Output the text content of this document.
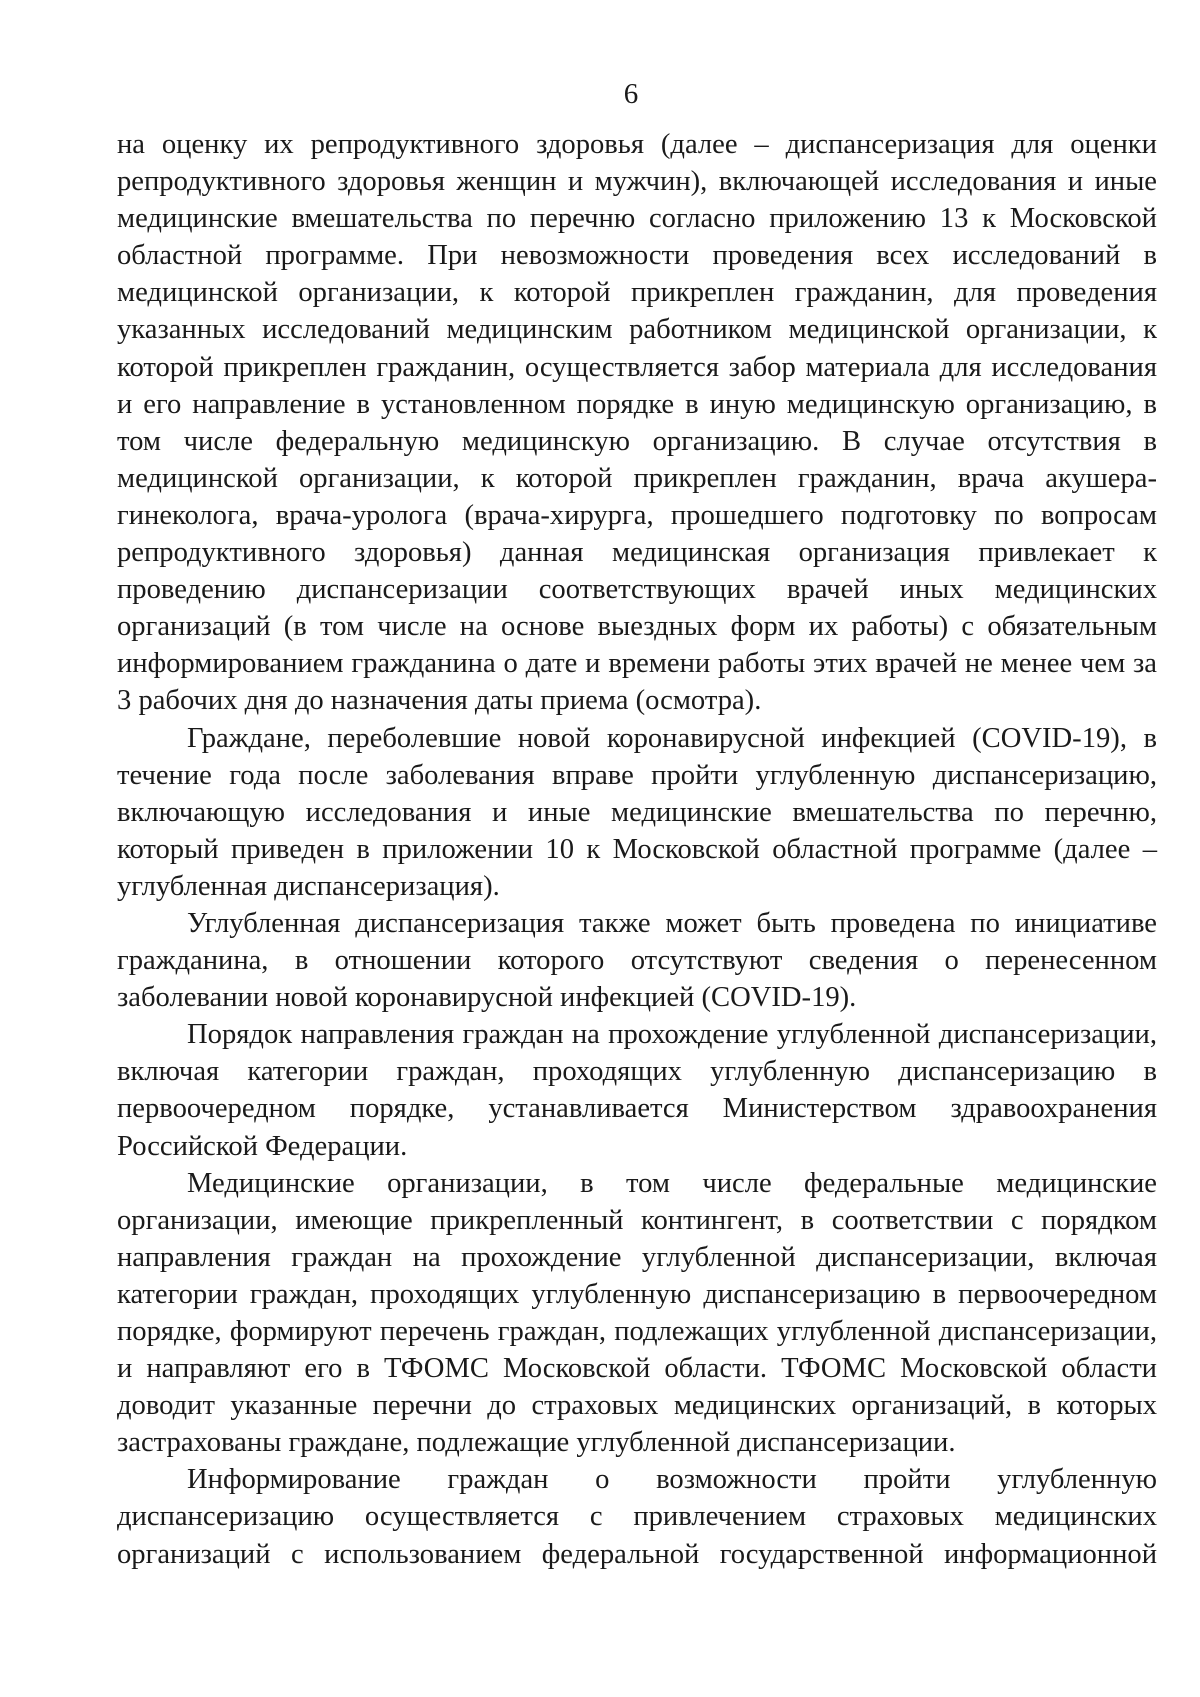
6

на оценку их репродуктивного здоровья (далее – диспансеризация для оценки репродуктивного здоровья женщин и мужчин), включающей исследования и иные медицинские вмешательства по перечню согласно приложению 13 к Московской областной программе. При невозможности проведения всех исследований в медицинской организации, к которой прикреплен гражданин, для проведения указанных исследований медицинским работником медицинской организации, к которой прикреплен гражданин, осуществляется забор материала для исследования и его направление в установленном порядке в иную медицинскую организацию, в том числе федеральную медицинскую организацию. В случае отсутствия в медицинской организации, к которой прикреплен гражданин, врача акушера-гинеколога, врача-уролога (врача-хирурга, прошедшего подготовку по вопросам репродуктивного здоровья) данная медицинская организация привлекает к проведению диспансеризации соответствующих врачей иных медицинских организаций (в том числе на основе выездных форм их работы) с обязательным информированием гражданина о дате и времени работы этих врачей не менее чем за 3 рабочих дня до назначения даты приема (осмотра).

Граждане, переболевшие новой коронавирусной инфекцией (COVID-19), в течение года после заболевания вправе пройти углубленную диспансеризацию, включающую исследования и иные медицинские вмешательства по перечню, который приведен в приложении 10 к Московской областной программе (далее – углубленная диспансеризация).

Углубленная диспансеризация также может быть проведена по инициативе гражданина, в отношении которого отсутствуют сведения о перенесенном заболевании новой коронавирусной инфекцией (COVID-19).

Порядок направления граждан на прохождение углубленной диспансеризации, включая категории граждан, проходящих углубленную диспансеризацию в первоочередном порядке, устанавливается Министерством здравоохранения Российской Федерации.

Медицинские организации, в том числе федеральные медицинские организации, имеющие прикрепленный контингент, в соответствии с порядком направления граждан на прохождение углубленной диспансеризации, включая категории граждан, проходящих углубленную диспансеризацию в первоочередном порядке, формируют перечень граждан, подлежащих углубленной диспансеризации, и направляют его в ТФОМС Московской области. ТФОМС Московской области доводит указанные перечни до страховых медицинских организаций, в которых застрахованы граждане, подлежащие углубленной диспансеризации.

Информирование граждан о возможности пройти углубленную диспансеризацию осуществляется с привлечением страховых медицинских организаций с использованием федеральной государственной информационной
